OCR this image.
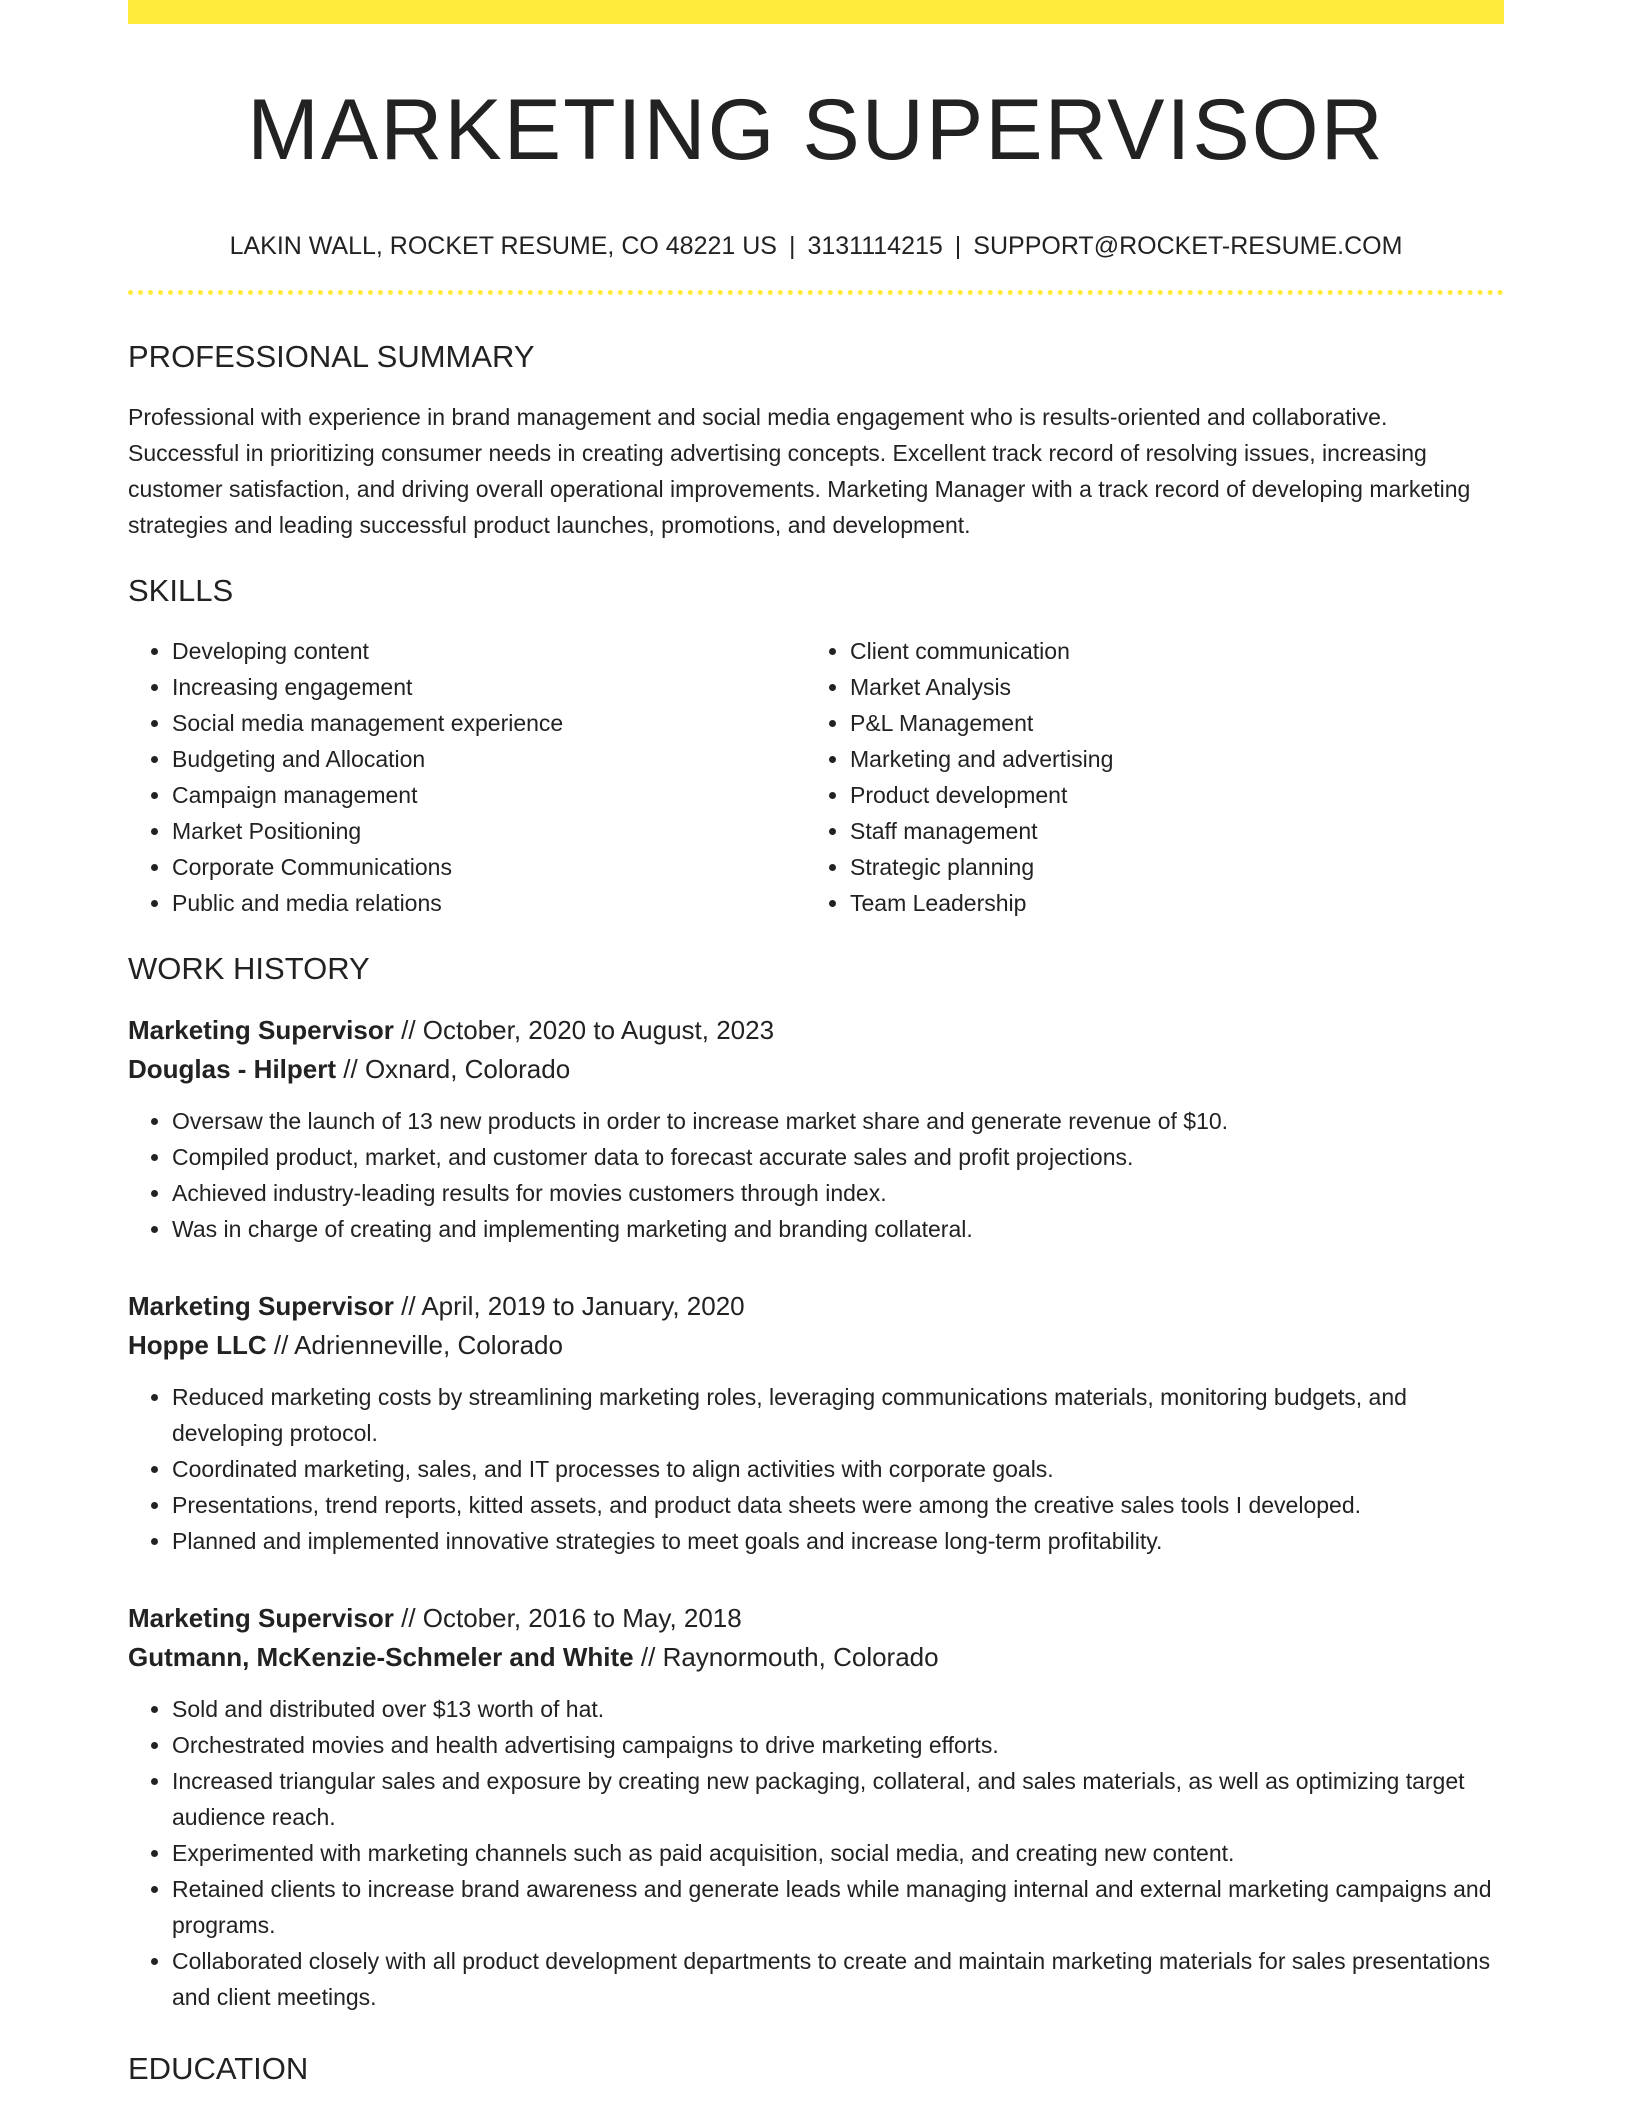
MARKETING SUPERVISOR
LAKIN WALL, ROCKET RESUME, CO 48221 US | 3131114215 | SUPPORT@ROCKET-RESUME.COM
PROFESSIONAL SUMMARY

Professional with experience in brand management and social media engagement who is results-oriented and collaborative. Successful in prioritizing consumer needs in creating advertising concepts. Excellent track record of resolving issues, increasing customer satisfaction, and driving overall operational improvements. Marketing Manager with a track record of developing marketing strategies and leading successful product launches, promotions, and development.

SKILLS
• Developing content
• Increasing engagement
• Social media management experience
• Budgeting and Allocation
• Campaign management
• Market Positioning
• Corporate Communications
• Public and media relations
• Client communication
• Market Analysis
• P&L Management
• Marketing and advertising
• Product development
• Staff management
• Strategic planning
• Team Leadership
WORK HISTORY
Marketing Supervisor // October, 2020 to August, 2023
Douglas - Hilpert // Oxnard, Colorado
• Oversaw the launch of 13 new products in order to increase market share and generate revenue of $10.
• Compiled product, market, and customer data to forecast accurate sales and profit projections.
• Achieved industry-leading results for movies customers through index.
• Was in charge of creating and implementing marketing and branding collateral.
Marketing Supervisor // April, 2019 to January, 2020
Hoppe LLC // Adrienneville, Colorado
• Reduced marketing costs by streamlining marketing roles, leveraging communications materials, monitoring budgets, and developing protocol.
• Coordinated marketing, sales, and IT processes to align activities with corporate goals.
• Presentations, trend reports, kitted assets, and product data sheets were among the creative sales tools I developed.
• Planned and implemented innovative strategies to meet goals and increase long-term profitability.
Marketing Supervisor // October, 2016 to May, 2018
Gutmann, McKenzie-Schmeler and White // Raynormouth, Colorado
• Sold and distributed over $13 worth of hat.
• Orchestrated movies and health advertising campaigns to drive marketing efforts.
• Increased triangular sales and exposure by creating new packaging, collateral, and sales materials, as well as optimizing target audience reach.
• Experimented with marketing channels such as paid acquisition, social media, and creating new content.
• Retained clients to increase brand awareness and generate leads while managing internal and external marketing campaigns and programs.
• Collaborated closely with all product development departments to create and maintain marketing materials for sales presentations and client meetings.
EDUCATION
